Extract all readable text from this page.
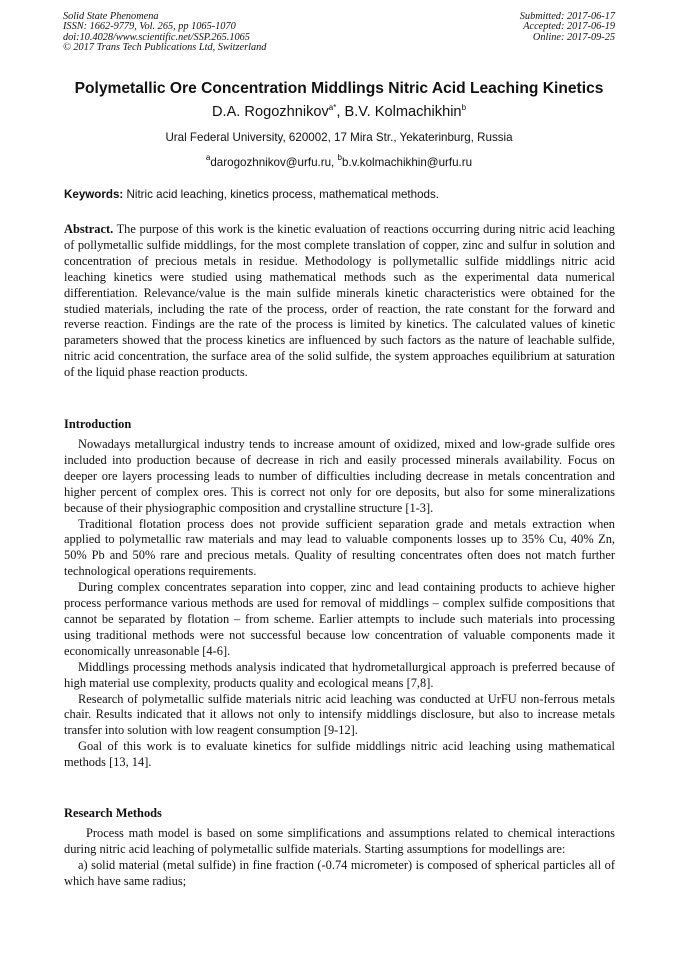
Solid State Phenomena
ISSN: 1662-9779, Vol. 265, pp 1065-1070
doi:10.4028/www.scientific.net/SSP.265.1065
© 2017 Trans Tech Publications Ltd, Switzerland
Submitted: 2017-06-17
Accepted: 2017-06-19
Online: 2017-09-25
Polymetallic Ore Concentration Middlings Nitric Acid Leaching Kinetics
D.A. Rogozhnikov$^{a*}$, B.V. Kolmachikhin$^b$
Ural Federal University, 620002, 17 Mira Str., Yekaterinburg, Russia
$^a$darogozhnikov@urfu.ru, $^b$b.v.kolmachikhin@urfu.ru
Keywords: Nitric acid leaching, kinetics process, mathematical methods.
Abstract. The purpose of this work is the kinetic evaluation of reactions occurring during nitric acid leaching of pollymetallic sulfide middlings, for the most complete translation of copper, zinc and sulfur in solution and concentration of precious metals in residue. Methodology is pollymetallic sulfide middlings nitric acid leaching kinetics were studied using mathematical methods such as the experimental data numerical differentiation. Relevance/value is the main sulfide minerals kinetic characteristics were obtained for the studied materials, including the rate of the process, order of reaction, the rate constant for the forward and reverse reaction. Findings are the rate of the process is limited by kinetics. The calculated values of kinetic parameters showed that the process kinetics are influenced by such factors as the nature of leachable sulfide, nitric acid concentration, the surface area of the solid sulfide, the system approaches equilibrium at saturation of the liquid phase reaction products.
Introduction

Nowadays metallurgical industry tends to increase amount of oxidized, mixed and low-grade sulfide ores included into production because of decrease in rich and easily processed minerals availability. Focus on deeper ore layers processing leads to number of difficulties including decrease in metals concentration and higher percent of complex ores. This is correct not only for ore deposits, but also for some mineralizations because of their physiographic composition and crystalline structure [1-3].

Traditional flotation process does not provide sufficient separation grade and metals extraction when applied to polymetallic raw materials and may lead to valuable components losses up to 35% Cu, 40% Zn, 50% Pb and 50% rare and precious metals. Quality of resulting concentrates often does not match further technological operations requirements.

During complex concentrates separation into copper, zinc and lead containing products to achieve higher process performance various methods are used for removal of middlings – complex sulfide compositions that cannot be separated by flotation – from scheme. Earlier attempts to include such materials into processing using traditional methods were not successful because low concentration of valuable components made it economically unreasonable [4-6].

Middlings processing methods analysis indicated that hydrometallurgical approach is preferred because of high material use complexity, products quality and ecological means [7,8].

Research of polymetallic sulfide materials nitric acid leaching was conducted at UrFU non-ferrous metals chair. Results indicated that it allows not only to intensify middlings disclosure, but also to increase metals transfer into solution with low reagent consumption [9-12].

Goal of this work is to evaluate kinetics for sulfide middlings nitric acid leaching using mathematical methods [13, 14].

Research Methods

Process math model is based on some simplifications and assumptions related to chemical interactions during nitric acid leaching of polymetallic sulfide materials. Starting assumptions for modellings are:

a) solid material (metal sulfide) in fine fraction (-0.74 micrometer) is composed of spherical particles all of which have same radius;
